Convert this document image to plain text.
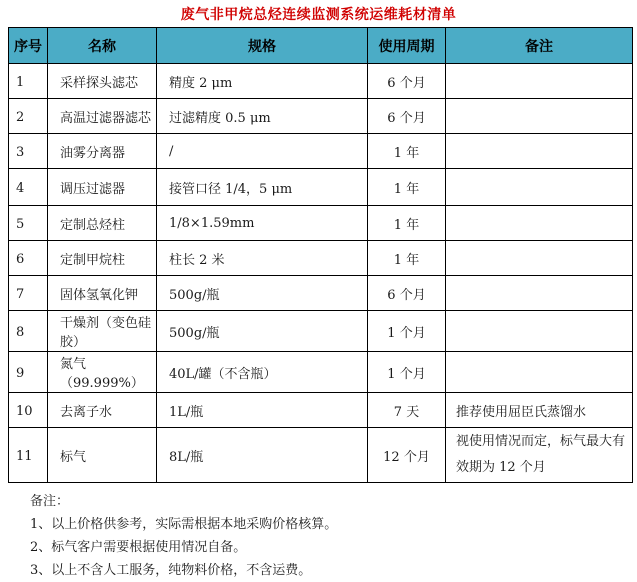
废气非甲烷总烃连续监测系统运维耗材清单
序号	名称	规格	使用周期	备注
1	采样探头滤芯	精度 2 μm	6 个月	
2	高温过滤器滤芯	过滤精度 0.5 μm	6 个月	
3	油雾分离器	/	1 年	
4	调压过滤器	接管口径 1/4，5 μm	1 年	
5	定制总烃柱	1/8×1.59mm	1 年	
6	定制甲烷柱	柱长 2 米	1 年	
7	固体氢氧化钾	500g/瓶	6 个月	
8	干燥剂（变色硅胶）	500g/瓶	1 个月	
9	氮气（99.999%）	40L/罐（不含瓶）	1 个月	
10	去离子水	1L/瓶	7 天	推荐使用屈臣氏蒸馏水
11	标气	8L/瓶	12 个月	视使用情况而定，标气最大有效期为 12 个月
备注：
1、以上价格供参考，实际需根据本地采购价格核算。
2、标气客户需要根据使用情况自备。
3、以上不含人工服务，纯物料价格，不含运费。
